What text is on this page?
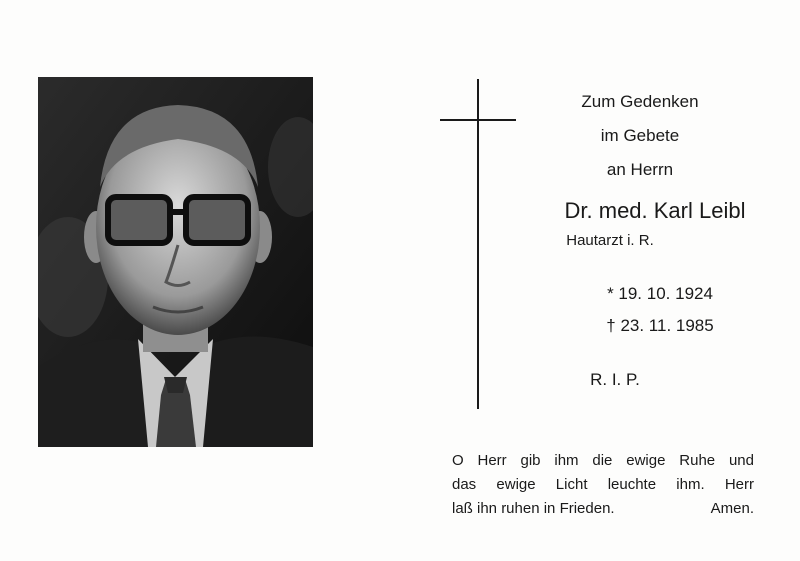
Zum Gedenken
im Gebete
an Herrn
Dr. med. Karl Leibl
Hautarzt i. R.
* 19. 10. 1924
† 23. 11. 1985
R. I. P.
O Herr gib ihm die ewige Ruhe und
das ewige Licht leuchte ihm. Herr
laß ihn ruhen in Frieden.	Amen.
